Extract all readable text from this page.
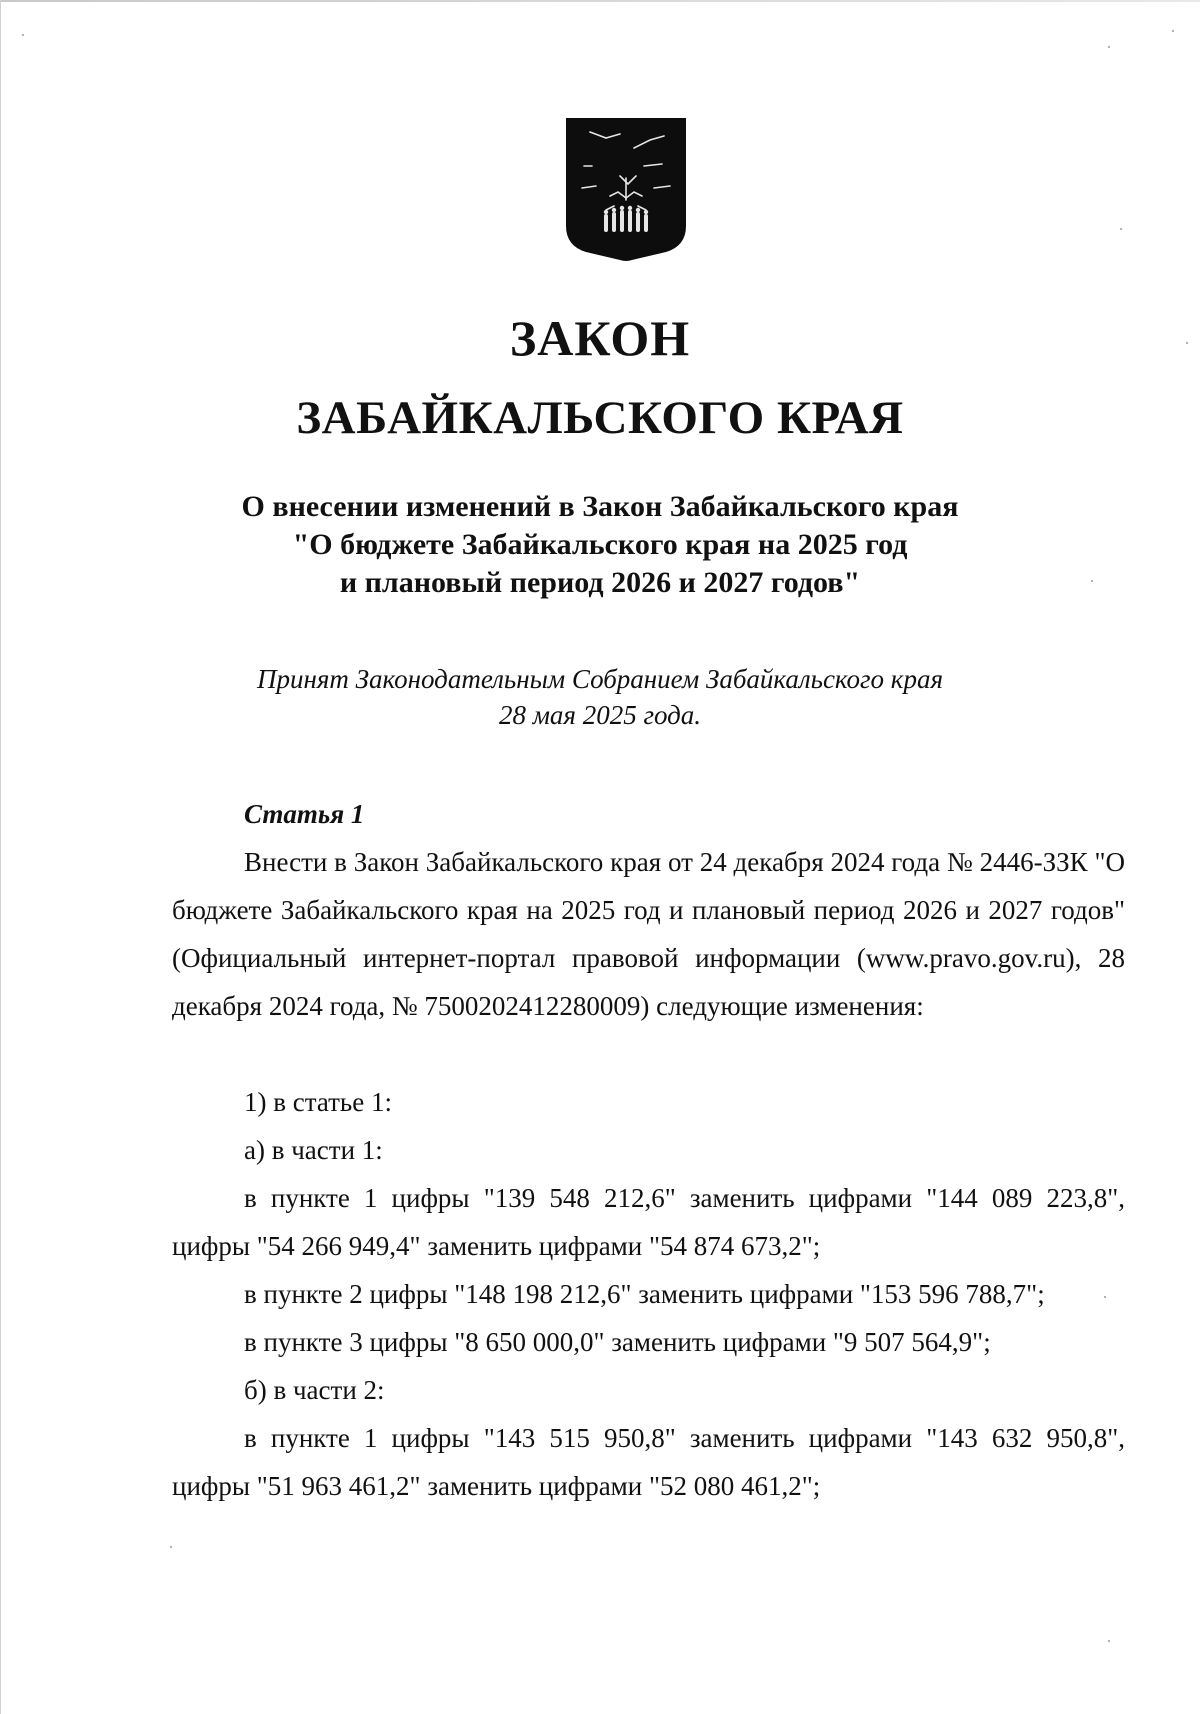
ЗАКОН
ЗАБАЙКАЛЬСКОГО КРАЯ
О внесении изменений в Закон Забайкальского края
"О бюджете Забайкальского края на 2025 год
и плановый период 2026 и 2027 годов"
Принят Законодательным Собранием Забайкальского края
28 мая 2025 года.
Статья 1

Внести в Закон Забайкальского края от 24 декабря 2024 года № 2446-ЗЗК "О бюджете Забайкальского края на 2025 год и плановый период 2026 и 2027 годов" (Официальный интернет-портал правовой информации (www.pravo.gov.ru), 28 декабря 2024 года, № 7500202412280009) следующие изменения:

1) в статье 1:

а) в части 1:

в пункте 1 цифры "139 548 212,6" заменить цифрами "144 089 223,8", цифры "54 266 949,4" заменить цифрами "54 874 673,2";

в пункте 2 цифры "148 198 212,6" заменить цифрами "153 596 788,7";

в пункте 3 цифры "8 650 000,0" заменить цифрами "9 507 564,9";

б) в части 2:

в пункте 1 цифры "143 515 950,8" заменить цифрами "143 632 950,8", цифры "51 963 461,2" заменить цифрами "52 080 461,2";
